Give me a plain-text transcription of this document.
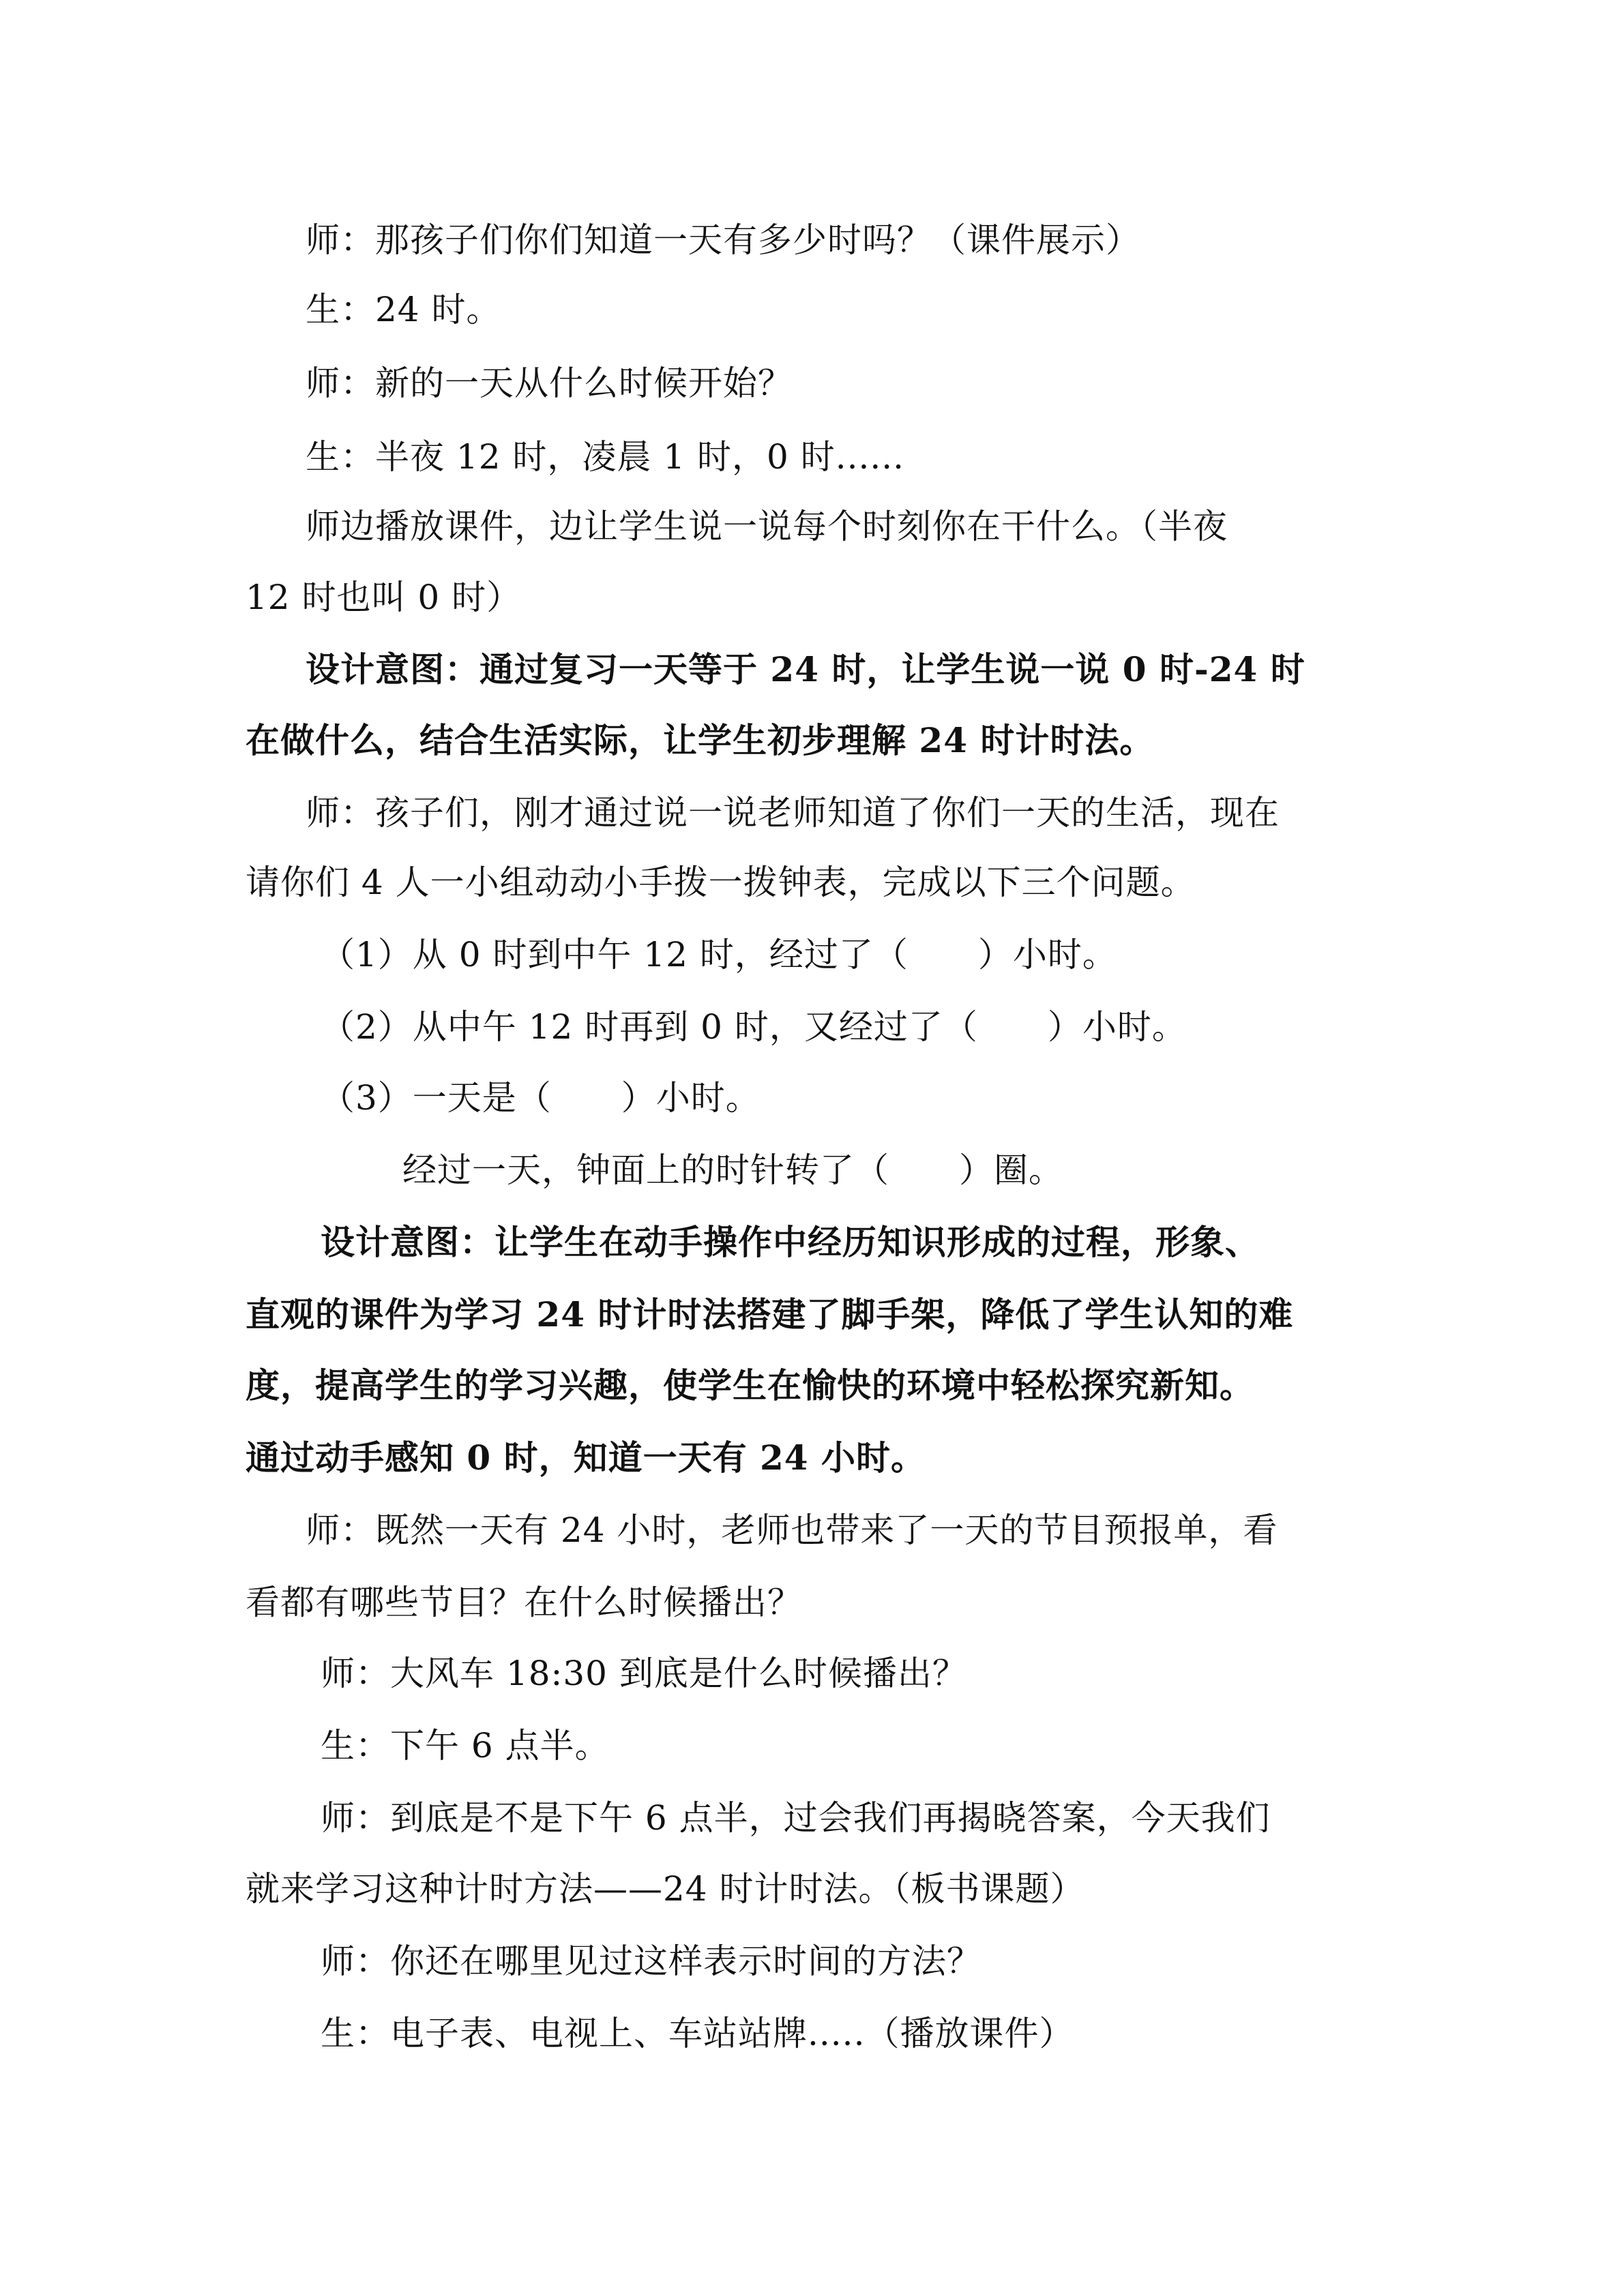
师：那孩子们你们知道一天有多少时吗？（课件展示）
生：24 时。
师：新的一天从什么时候开始？
生：半夜 12 时，凌晨 1 时，0 时......
师边播放课件，边让学生说一说每个时刻你在干什么。（半夜
12 时也叫 0 时）
设计意图：通过复习一天等于 24 时，让学生说一说 0 时-24 时
在做什么，结合生活实际，让学生初步理解 24 时计时法。
师：孩子们，刚才通过说一说老师知道了你们一天的生活，现在
请你们 4 人一小组动动小手拨一拨钟表，完成以下三个问题。
（1）从 0 时到中午 12 时，经过了（　　）小时。
（2）从中午 12 时再到 0 时，又经过了（　　）小时。
（3）一天是（　　）小时。
经过一天，钟面上的时针转了（　　）圈。
设计意图：让学生在动手操作中经历知识形成的过程，形象、
直观的课件为学习 24 时计时法搭建了脚手架，降低了学生认知的难
度，提高学生的学习兴趣，使学生在愉快的环境中轻松探究新知。
通过动手感知 0 时，知道一天有 24 小时。
师：既然一天有 24 小时，老师也带来了一天的节目预报单，看
看都有哪些节目？在什么时候播出？
师：大风车 18:30 到底是什么时候播出？
生：下午 6 点半。
师：到底是不是下午 6 点半，过会我们再揭晓答案，今天我们
就来学习这种计时方法——24 时计时法。（板书课题）
师：你还在哪里见过这样表示时间的方法？
生：电子表、电视上、车站站牌.....（播放课件）
